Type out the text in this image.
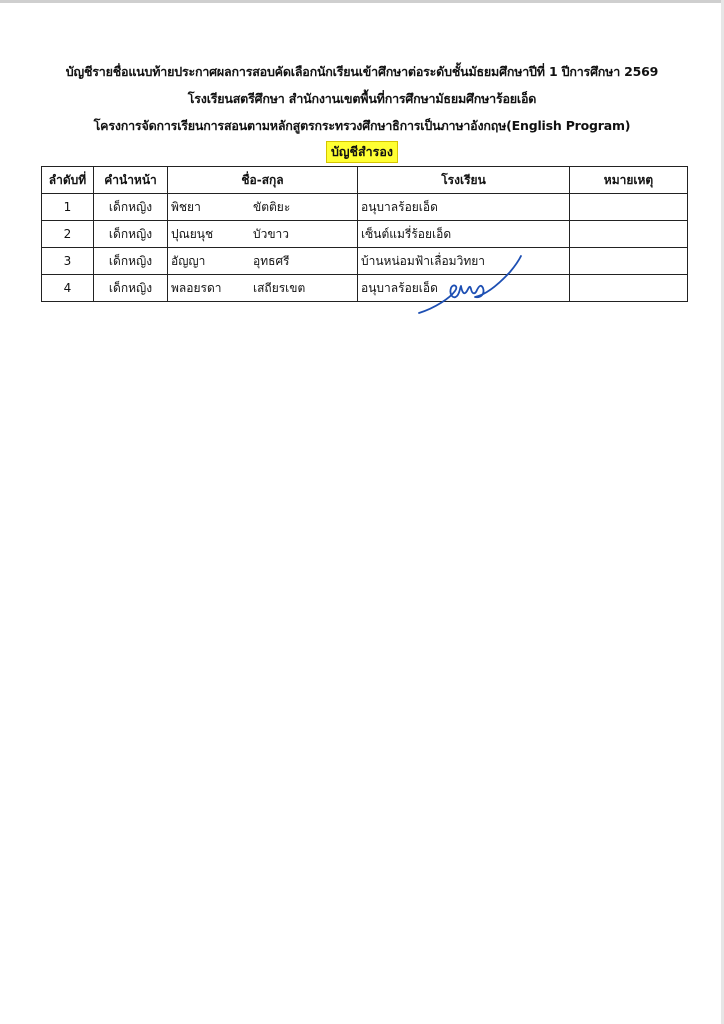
บัญชีรายชื่อแนบท้ายประกาศผลการสอบคัดเลือกนักเรียนเข้าศึกษาต่อระดับชั้นมัธยมศึกษาปีที่ 1 ปีการศึกษา 2569
โรงเรียนสตรีศึกษา สำนักงานเขตพื้นที่การศึกษามัธยมศึกษาร้อยเอ็ด
โครงการจัดการเรียนการสอนตามหลักสูตรกระทรวงศึกษาธิการเป็นภาษาอังกฤษ(English Program)
บัญชีสำรอง
ลำดับที่	คำนำหน้า	ชื่อ-สกุล	โรงเรียน	หมายเหตุ
1	เด็กหญิง	พิชยา ขัตติยะ	อนุบาลร้อยเอ็ด	
2	เด็กหญิง	ปุณยนุช บัวขาว	เซ็นต์แมรี่ร้อยเอ็ด	
3	เด็กหญิง	อัญญา อุทธศรี	บ้านหน่อมฟ้าเลื่อมวิทยา	
4	เด็กหญิง	พลอยรดา เสถียรเขต	อนุบาลร้อยเอ็ด	
